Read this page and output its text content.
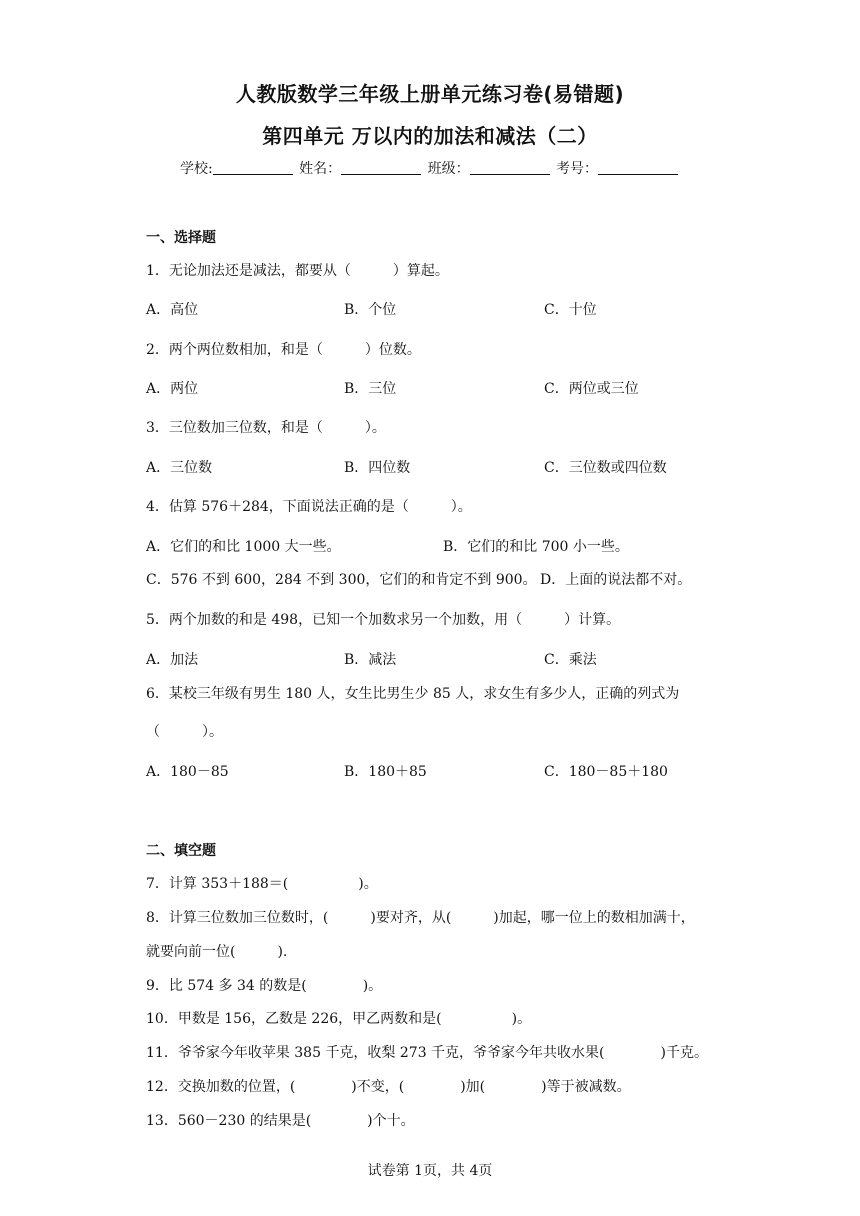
人教版数学三年级上册单元练习卷(易错题)
第四单元 万以内的加法和减法（二）
学校:	姓名：	班级：	考号：
一、选择题
1．无论加法还是减法，都要从（　　　）算起。
A．高位	B．个位	C．十位
2．两个两位数相加，和是（　　　）位数。
A．两位	B．三位	C．两位或三位
3．三位数加三位数，和是（　　　）。
A．三位数	B．四位数	C．三位数或四位数
4．估算 576＋284，下面说法正确的是（　　　）。
A．它们的和比 1000 大一些。	B．它们的和比 700 小一些。
C．576 不到 600，284 不到 300，它们的和肯定不到 900。 D．上面的说法都不对。
5．两个加数的和是 498，已知一个加数求另一个加数，用（　　　）计算。
A．加法	B．减法	C．乘法
6．某校三年级有男生 180 人，女生比男生少 85 人，求女生有多少人，正确的列式为
（　　　）。
A．180－85	B．180＋85	C．180－85＋180
二、填空题
7．计算 353＋188＝(　　　　　)。
8．计算三位数加三位数时，(　　　)要对齐，从(　　　)加起，哪一位上的数相加满十，
就要向前一位(　　　).
9．比 574 多 34 的数是(　　　　)。
10．甲数是 156，乙数是 226，甲乙两数和是(　　　　　)。
11．爷爷家今年收苹果 385 千克，收梨 273 千克，爷爷家今年共收水果(　　　　)千克。
12．交换加数的位置，(　　　　)不变，(　　　　)加(　　　　)等于被减数。
13．560－230 的结果是(　　　　)个十。
试卷第 1页，共 4页
